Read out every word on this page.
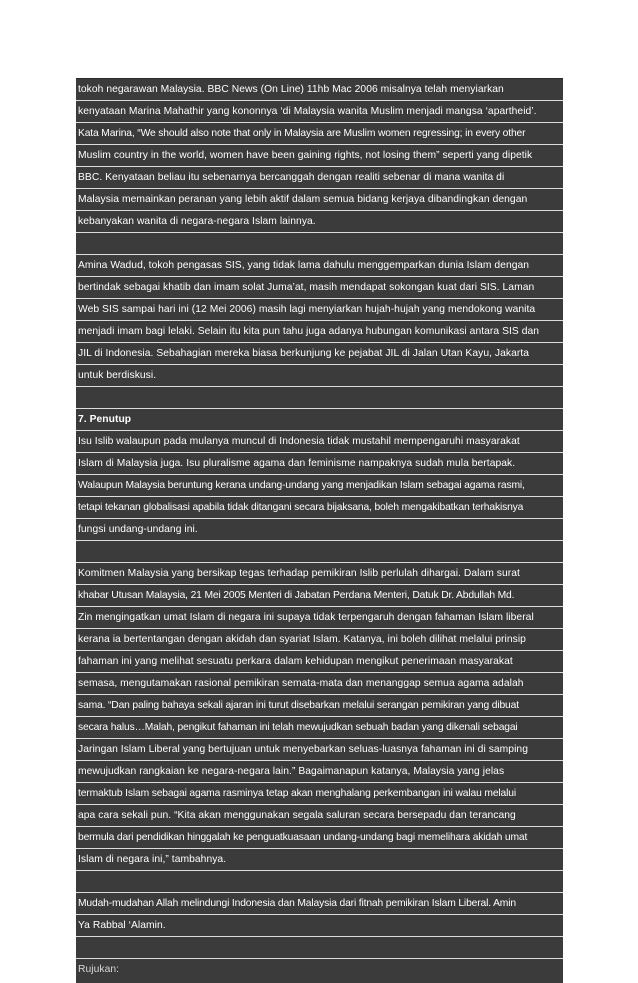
tokoh negarawan Malaysia. BBC News (On Line) 11hb Mac 2006 misalnya telah menyiarkan
kenyataan Marina Mahathir yang kononnya ‘di Malaysia wanita Muslim menjadi mangsa ‘apartheid’.
Kata Marina, “We should also note that only in Malaysia are Muslim women regressing; in every other
Muslim country in the world, women have been gaining rights, not losing them” seperti yang dipetik
BBC. Kenyataan beliau itu sebenarnya bercanggah dengan realiti sebenar di mana wanita di
Malaysia memainkan peranan yang lebih aktif dalam semua bidang kerjaya dibandingkan dengan
kebanyakan wanita di negara-negara Islam lainnya.
Amina Wadud, tokoh pengasas SIS, yang tidak lama dahulu menggemparkan dunia Islam dengan
bertindak sebagai khatib dan imam solat Juma’at, masih mendapat sokongan kuat dari SIS. Laman
Web SIS sampai hari ini (12 Mei 2006) masih lagi menyiarkan hujah-hujah yang mendokong wanita
menjadi imam bagi lelaki. Selain itu kita pun tahu juga adanya hubungan komunikasi antara SIS dan
JIL di Indonesia. Sebahagian mereka biasa berkunjung ke pejabat JIL di Jalan Utan Kayu, Jakarta
untuk berdiskusi.
7. Penutup
Isu Islib walaupun pada mulanya muncul di Indonesia tidak mustahil mempengaruhi masyarakat
Islam di Malaysia juga. Isu pluralisme agama dan feminisme nampaknya sudah mula bertapak.
Walaupun Malaysia beruntung kerana undang-undang yang menjadikan Islam sebagai agama rasmi,
tetapi tekanan globalisasi apabila tidak ditangani secara bijaksana, boleh mengakibatkan terhakisnya
fungsi undang-undang ini.
Komitmen Malaysia yang bersikap tegas terhadap pemikiran Islib perlulah dihargai. Dalam surat
khabar Utusan Malaysia, 21 Mei 2005 Menteri di Jabatan Perdana Menteri, Datuk Dr. Abdullah Md.
Zin mengingatkan umat Islam di negara ini supaya tidak terpengaruh dengan fahaman Islam liberal
kerana ia bertentangan dengan akidah dan syariat Islam. Katanya, ini boleh dilihat melalui prinsip
fahaman ini yang melihat sesuatu perkara dalam kehidupan mengikut penerimaan masyarakat
semasa, mengutamakan rasional pemikiran semata-mata dan menanggap semua agama adalah
sama. “Dan paling bahaya sekali ajaran ini turut disebarkan melalui serangan pemikiran yang dibuat
secara halus…Malah, pengikut fahaman ini telah mewujudkan sebuah badan yang dikenali sebagai
Jaringan Islam Liberal yang bertujuan untuk menyebarkan seluas-luasnya fahaman ini di samping
mewujudkan rangkaian ke negara-negara lain.” Bagaimanapun katanya, Malaysia yang jelas
termaktub Islam sebagai agama rasminya tetap akan menghalang perkembangan ini walau melalui
apa cara sekali pun. “Kita akan menggunakan segala saluran secara bersepadu dan terancang
bermula dari pendidikan hinggalah ke penguatkuasaan undang-undang bagi memelihara akidah umat
Islam di negara ini,” tambahnya.
Mudah-mudahan Allah melindungi Indonesia dan Malaysia dari fitnah pemikiran Islam Liberal. Amin
Ya Rabbal ‘Alamin.
Rujukan:
